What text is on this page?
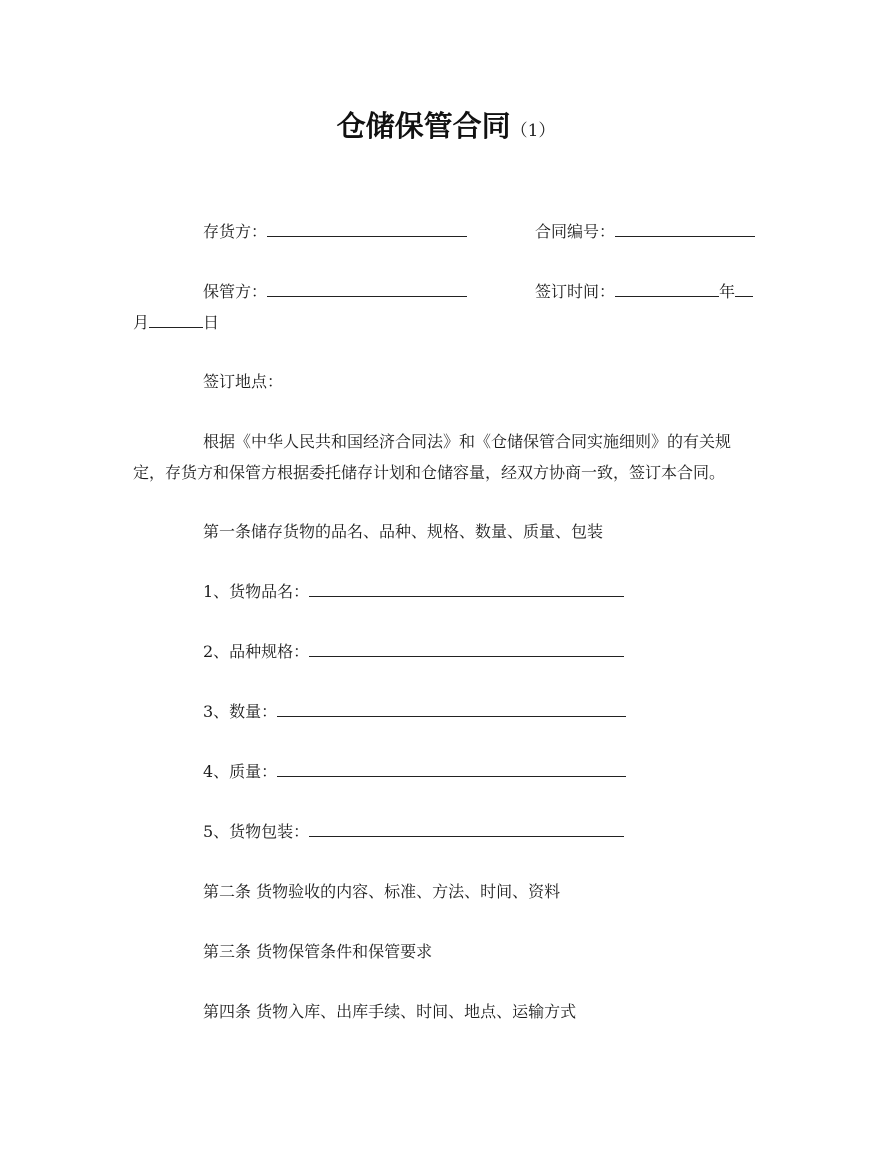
仓储保管合同（1）
存货方：	合同编号：
保管方：	签订时间：	年
月	日
签订地点：
根据《中华人民共和国经济合同法》和《仓储保管合同实施细则》的有关规
定，存货方和保管方根据委托储存计划和仓储容量，经双方协商一致，签订本合同。
第一条储存货物的品名、品种、规格、数量、质量、包装
1、货物品名：
2、品种规格：
3、数量：
4、质量：
5、货物包装：
第二条 货物验收的内容、标准、方法、时间、资料
第三条 货物保管条件和保管要求
第四条 货物入库、出库手续、时间、地点、运输方式
